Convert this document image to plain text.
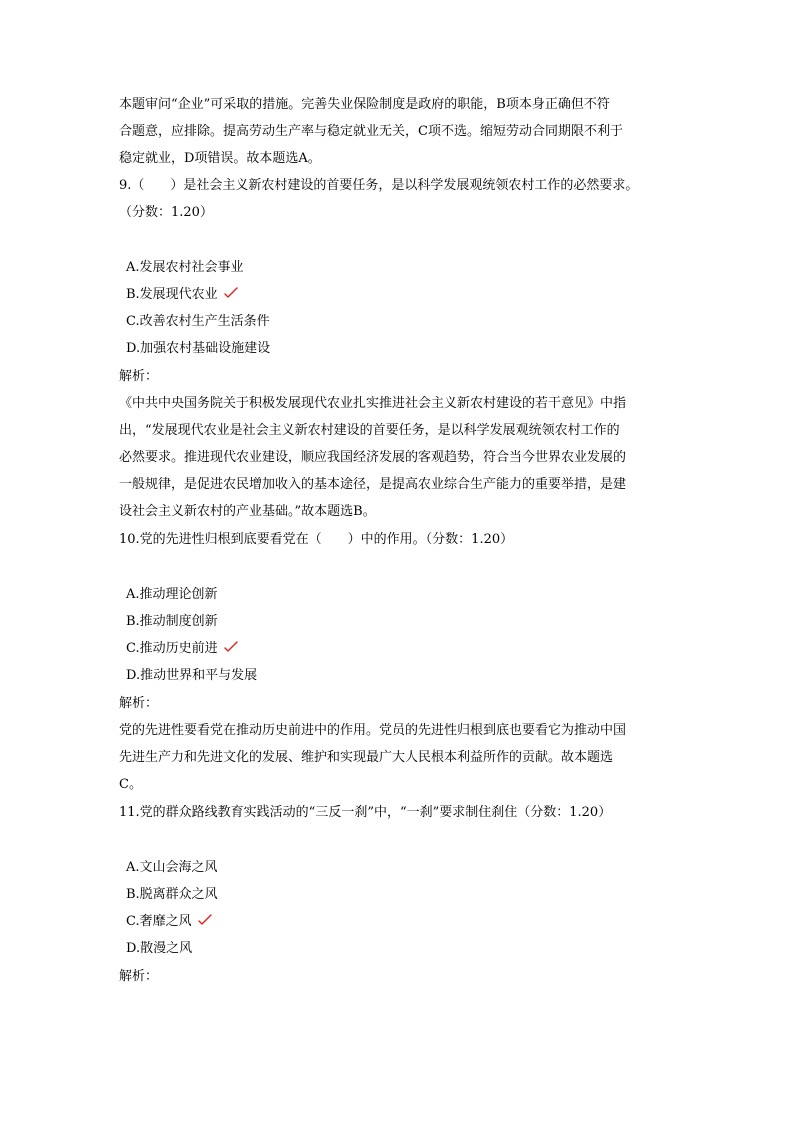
本题审问“企业”可采取的措施。完善失业保险制度是政府的职能，B项本身正确但不符
合题意，应排除。提高劳动生产率与稳定就业无关，C项不选。缩短劳动合同期限不利于
稳定就业，D项错误。故本题选A。
9.（　　）是社会主义新农村建设的首要任务，是以科学发展观统领农村工作的必然要求。
（分数：1.20）
A.发展农村社会事业
B.发展现代农业
C.改善农村生产生活条件
D.加强农村基础设施建设
解析：
《中共中央国务院关于积极发展现代农业扎实推进社会主义新农村建设的若干意见》中指
出，“发展现代农业是社会主义新农村建设的首要任务，是以科学发展观统领农村工作的
必然要求。推进现代农业建设，顺应我国经济发展的客观趋势，符合当今世界农业发展的
一般规律，是促进农民增加收入的基本途径，是提高农业综合生产能力的重要举措，是建
设社会主义新农村的产业基础。”故本题选B。
10.党的先进性归根到底要看党在（　　）中的作用。（分数：1.20）
A.推动理论创新
B.推动制度创新
C.推动历史前进
D.推动世界和平与发展
解析：
党的先进性要看党在推动历史前进中的作用。党员的先进性归根到底也要看它为推动中国
先进生产力和先进文化的发展、维护和实现最广大人民根本利益所作的贡献。故本题选
C。
11.党的群众路线教育实践活动的“三反一刹”中，“一刹”要求制住刹住（分数：1.20）
A.文山会海之风
B.脱离群众之风
C.奢靡之风
D.散漫之风
解析：
